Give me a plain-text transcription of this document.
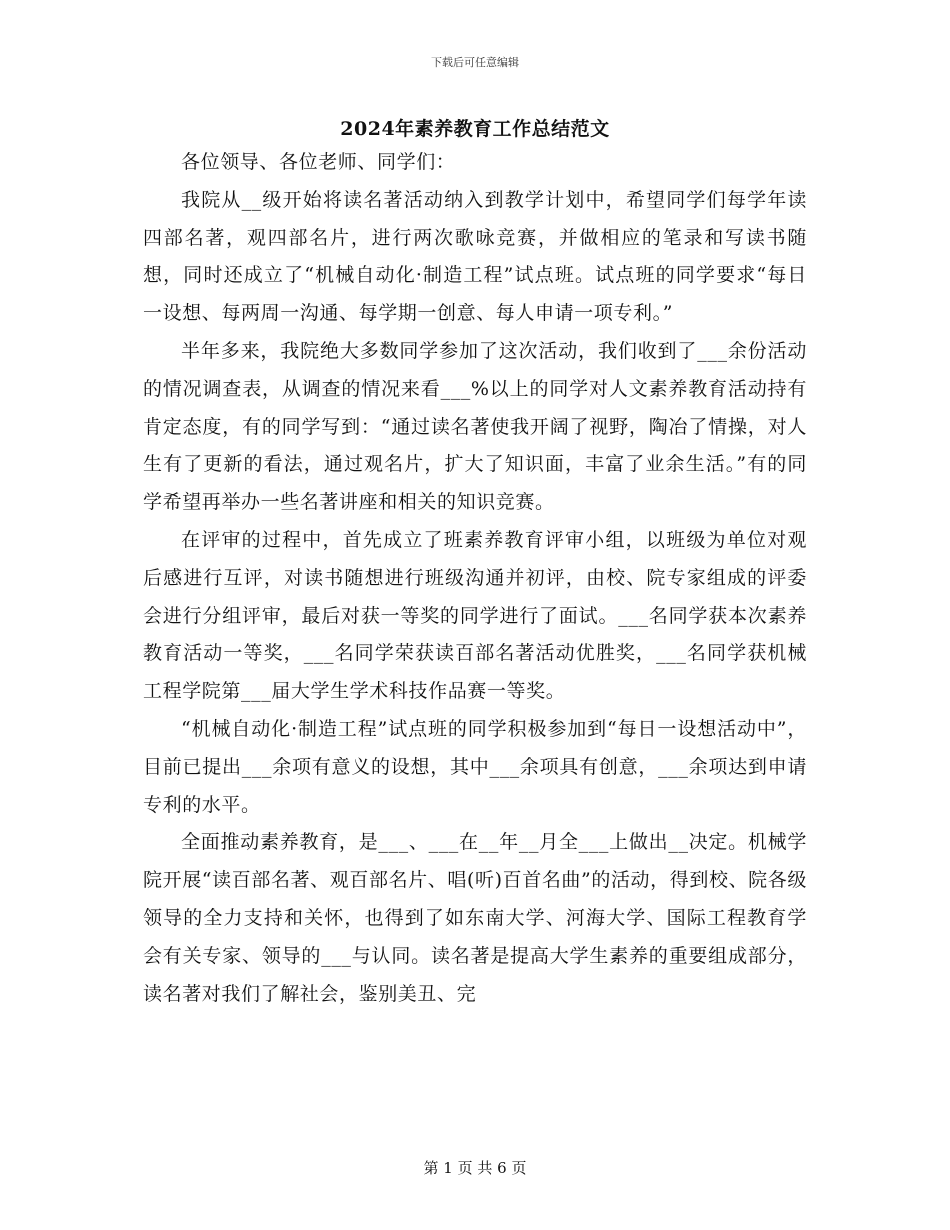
下载后可任意编辑
2024年素养教育工作总结范文

各位领导、各位老师、同学们：

我院从__级开始将读名著活动纳入到教学计划中，希望同学们每学年读四部名著，观四部名片，进行两次歌咏竞赛，并做相应的笔录和写读书随想，同时还成立了“机械自动化·制造工程”试点班。试点班的同学要求“每日一设想、每两周一沟通、每学期一创意、每人申请一项专利。”

半年多来，我院绝大多数同学参加了这次活动，我们收到了___余份活动的情况调查表，从调查的情况来看___%以上的同学对人文素养教育活动持有肯定态度，有的同学写到：“通过读名著使我开阔了视野，陶冶了情操，对人生有了更新的看法，通过观名片，扩大了知识面，丰富了业余生活。”有的同学希望再举办一些名著讲座和相关的知识竞赛。

在评审的过程中，首先成立了班素养教育评审小组，以班级为单位对观后感进行互评，对读书随想进行班级沟通并初评，由校、院专家组成的评委会进行分组评审，最后对获一等奖的同学进行了面试。___名同学获本次素养教育活动一等奖，___名同学荣获读百部名著活动优胜奖，___名同学获机械工程学院第___届大学生学术科技作品赛一等奖。

“机械自动化·制造工程”试点班的同学积极参加到“每日一设想活动中”，目前已提出___余项有意义的设想，其中___余项具有创意，___余项达到申请专利的水平。

全面推动素养教育，是___、___在__年__月全___上做出__决定。机械学院开展“读百部名著、观百部名片、唱(听)百首名曲”的活动，得到校、院各级领导的全力支持和关怀，也得到了如东南大学、河海大学、国际工程教育学会有关专家、领导的___与认同。读名著是提高大学生素养的重要组成部分，读名著对我们了解社会，鉴别美丑、完

第 1 页 共 6 页
